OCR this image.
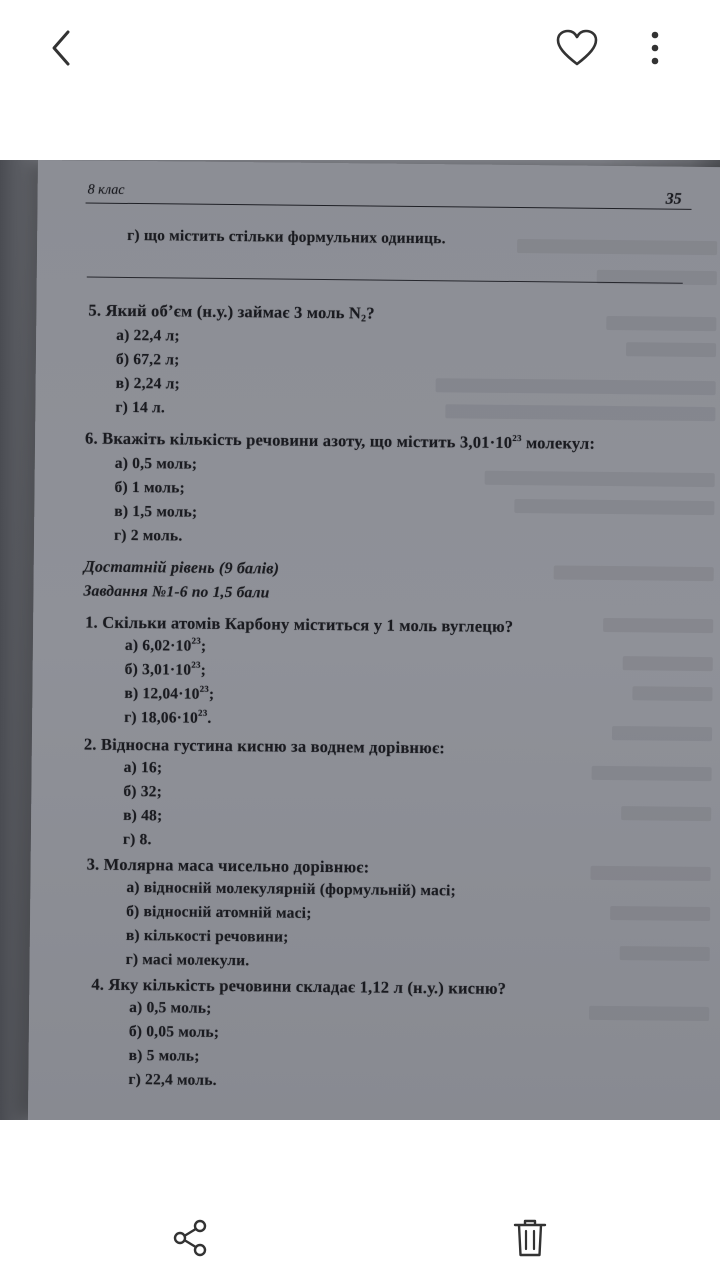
8 клас
35
г) що містить стільки формульних одиниць.
5. Який об’єм (н.у.) займає 3 моль $N_2$?
а) 22,4 л;
б) 67,2 л;
в) 2,24 л;
г) 14 л.
6. Вкажіть кількість речовини азоту, що містить $3,01\cdot 10^{23}$ молекул:
а) 0,5 моль;
б) 1 моль;
в) 1,5 моль;
г) 2 моль.
Достатній рівень (9 балів)
Завдання №1-6 по 1,5 бали
1. Скільки атомів Карбону міститься у 1 моль вуглецю?
а) $6,02\cdot 10^{23}$;
б) $3,01\cdot 10^{23}$;
в) $12,04\cdot 10^{23}$;
г) $18,06\cdot 10^{23}$.
2. Відносна густина кисню за воднем дорівнює:
а) 16;
б) 32;
в) 48;
г) 8.
3. Молярна маса чисельно дорівнює:
а) відносній молекулярній (формульній) масі;
б) відносній атомній масі;
в) кількості речовини;
г) масі молекули.
4. Яку кількість речовини складає 1,12 л (н.у.) кисню?
а) 0,5 моль;
б) 0,05 моль;
в) 5 моль;
г) 22,4 моль.
